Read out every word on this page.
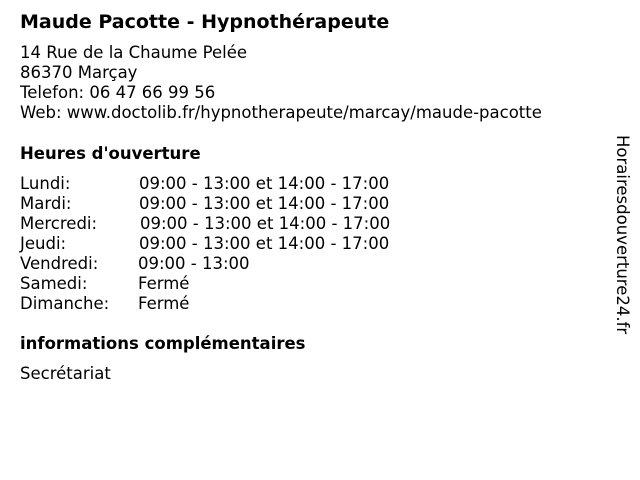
Maude Pacotte - Hypnothérapeute
14 Rue de la Chaume Pelée
86370 Marçay
Telefon: 06 47 66 99 56
Web: www.doctolib.fr/hypnotherapeute/marcay/maude-pacotte
Heures d'ouverture
Lundi:	09:00 - 13:00 et 14:00 - 17:00
Mardi:	09:00 - 13:00 et 14:00 - 17:00
Mercredi:	09:00 - 13:00 et 14:00 - 17:00
Jeudi:	09:00 - 13:00 et 14:00 - 17:00
Vendredi: 09:00 - 13:00
Samedi:	Fermé
Dimanche: Fermé
informations complémentaires
Secrétariat
Horairesdouverture24.fr
